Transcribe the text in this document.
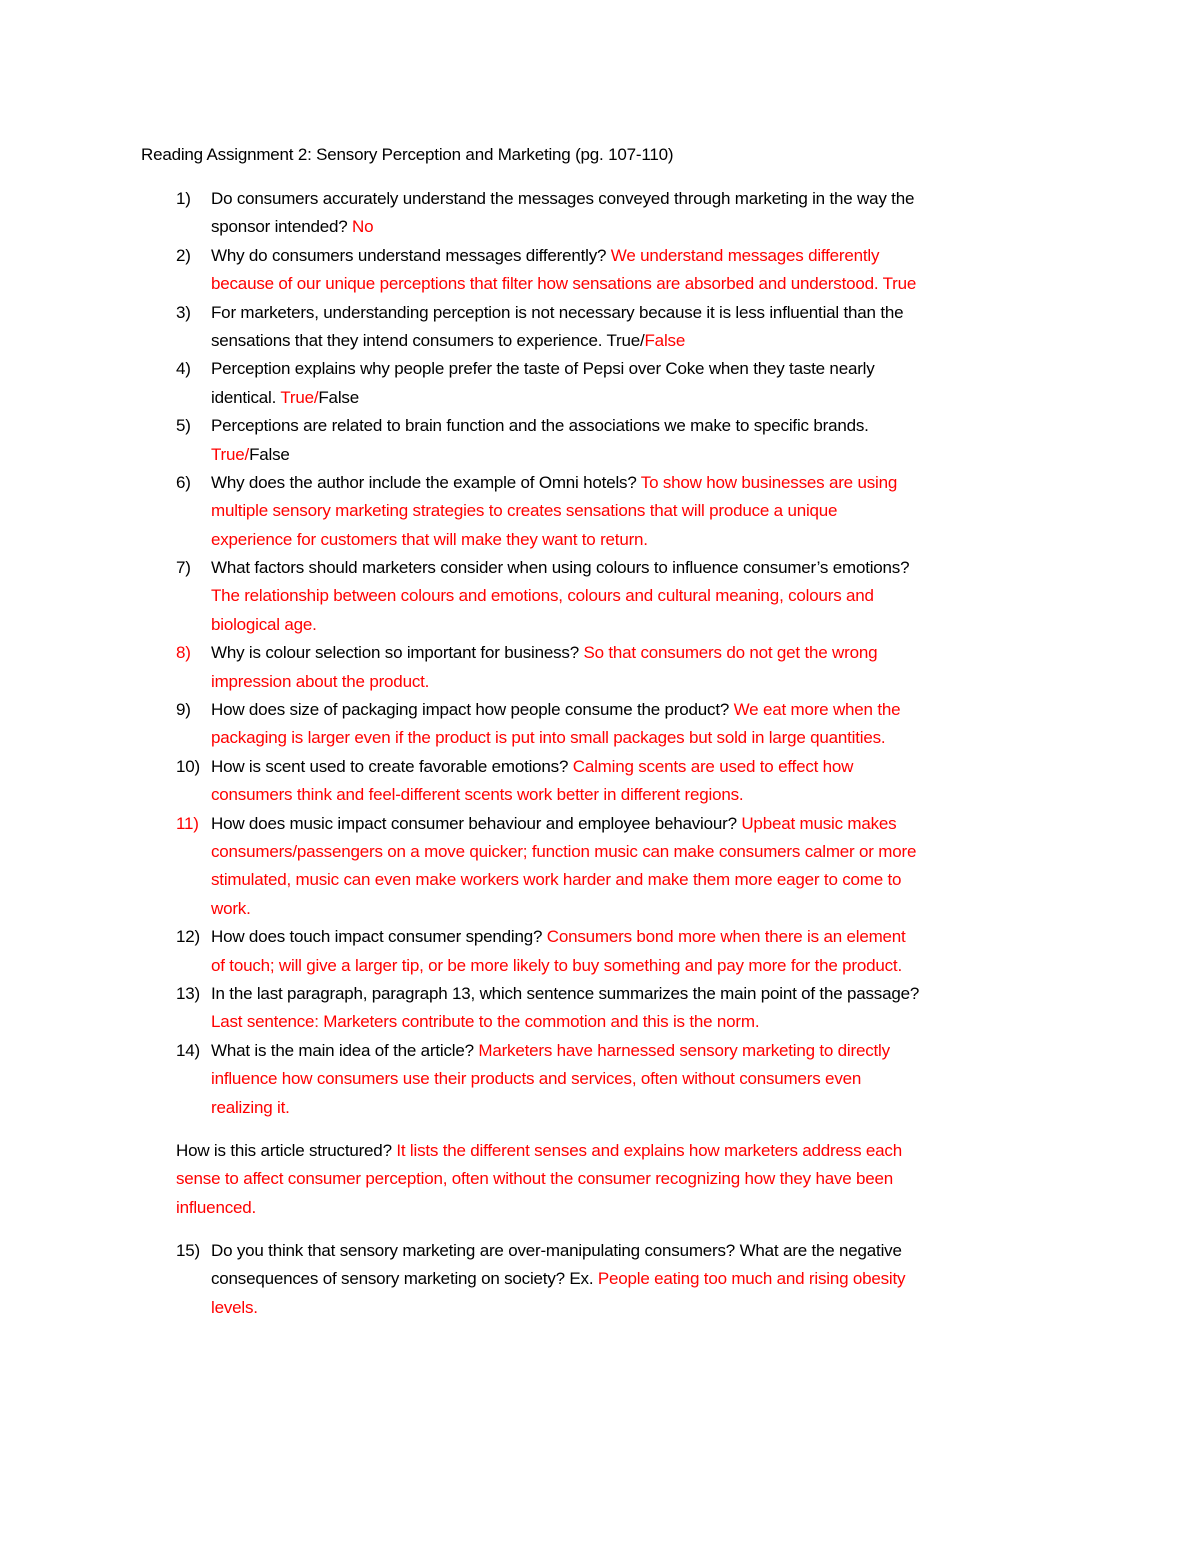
Reading Assignment 2: Sensory Perception and Marketing (pg. 107-110)
1) Do consumers accurately understand the messages conveyed through marketing in the way the
sponsor intended? No
2) Why do consumers understand messages differently? We understand messages differently
because of our unique perceptions that filter how sensations are absorbed and understood. True
3) For marketers, understanding perception is not necessary because it is less influential than the
sensations that they intend consumers to experience. True/False
4) Perception explains why people prefer the taste of Pepsi over Coke when they taste nearly
identical. True/False
5) Perceptions are related to brain function and the associations we make to specific brands.
True/False
6) Why does the author include the example of Omni hotels? To show how businesses are using
multiple sensory marketing strategies to creates sensations that will produce a unique
experience for customers that will make they want to return.
7) What factors should marketers consider when using colours to influence consumer’s emotions?
The relationship between colours and emotions, colours and cultural meaning, colours and
biological age.
8) Why is colour selection so important for business? So that consumers do not get the wrong
impression about the product.
9) How does size of packaging impact how people consume the product? We eat more when the
packaging is larger even if the product is put into small packages but sold in large quantities.
10) How is scent used to create favorable emotions? Calming scents are used to effect how
consumers think and feel-different scents work better in different regions.
11) How does music impact consumer behaviour and employee behaviour? Upbeat music makes
consumers/passengers on a move quicker; function music can make consumers calmer or more
stimulated, music can even make workers work harder and make them more eager to come to
work.
12) How does touch impact consumer spending? Consumers bond more when there is an element
of touch; will give a larger tip, or be more likely to buy something and pay more for the product.
13) In the last paragraph, paragraph 13, which sentence summarizes the main point of the passage?
Last sentence: Marketers contribute to the commotion and this is the norm.
14) What is the main idea of the article? Marketers have harnessed sensory marketing to directly
influence how consumers use their products and services, often without consumers even
realizing it.
How is this article structured? It lists the different senses and explains how marketers address each
sense to affect consumer perception, often without the consumer recognizing how they have been
influenced.
15) Do you think that sensory marketing are over-manipulating consumers? What are the negative
consequences of sensory marketing on society? Ex. People eating too much and rising obesity
levels.
